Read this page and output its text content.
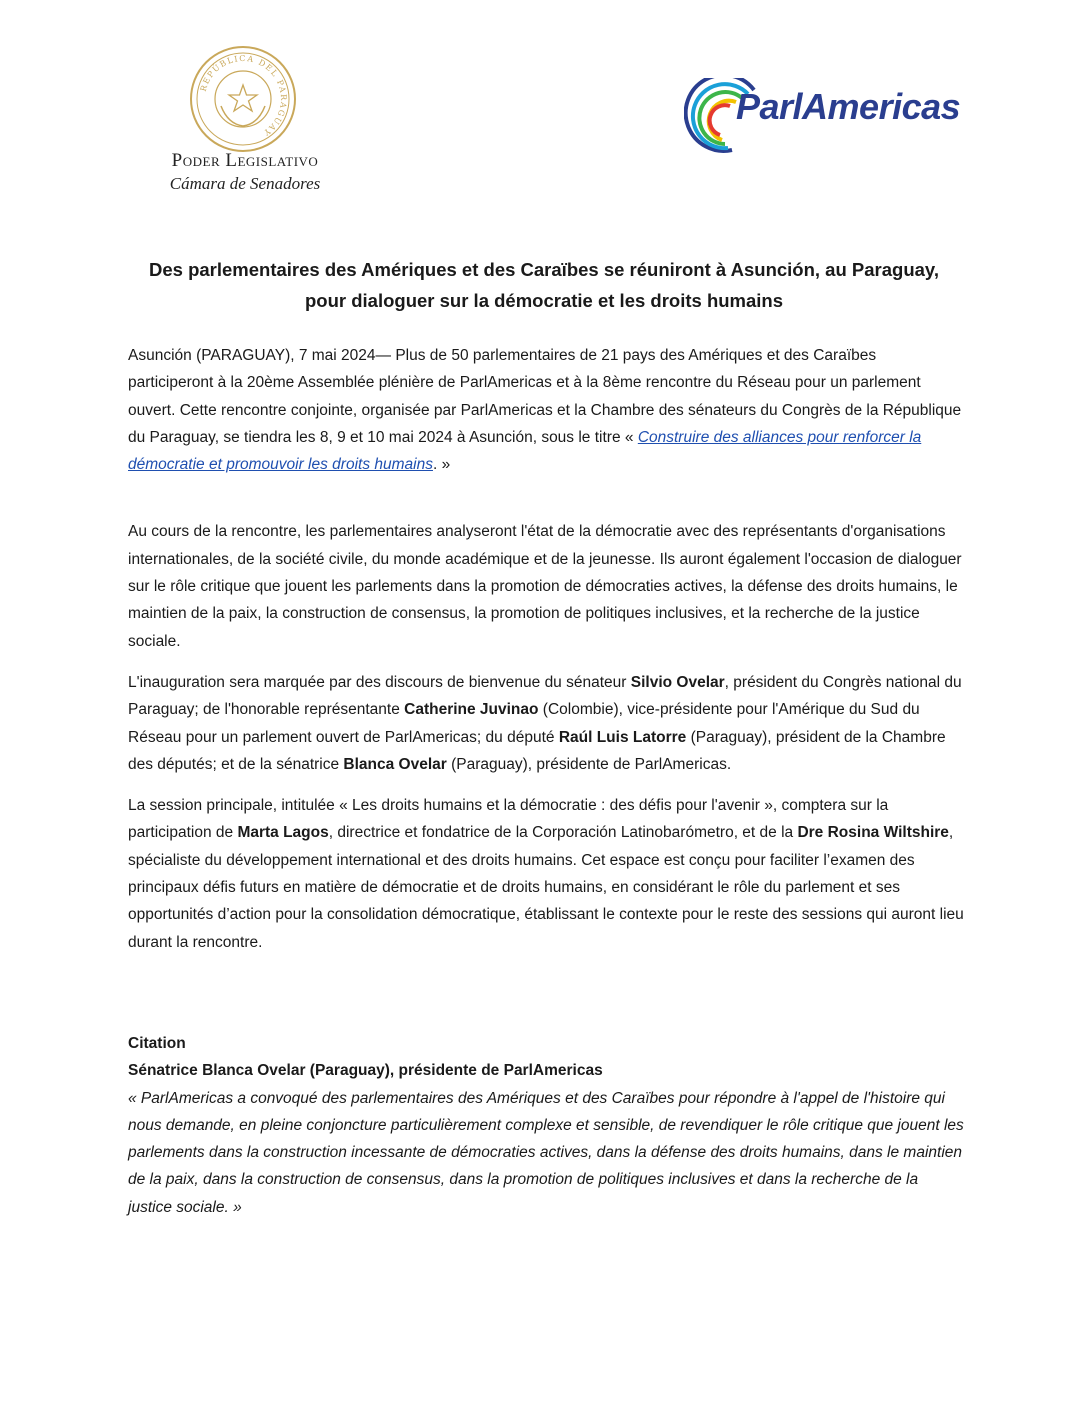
REPÚBLICA DEL PARAGUAY
Poder Legislativo
Cámara de Senadores
ParlAmericas
Des parlementaires des Amériques et des Caraïbes se réuniront à Asunción, au Paraguay, pour dialoguer sur la démocratie et les droits humains

Asunción (PARAGUAY), 7 mai 2024— Plus de 50 parlementaires de 21 pays des Amériques et des Caraïbes participeront à la 20ème Assemblée plénière de ParlAmericas et à la 8ème rencontre du Réseau pour un parlement ouvert. Cette rencontre conjointe, organisée par ParlAmericas et la Chambre des sénateurs du Congrès de la République du Paraguay, se tiendra les 8, 9 et 10 mai 2024 à Asunción, sous le titre « Construire des alliances pour renforcer la démocratie et promouvoir les droits humains. »

Au cours de la rencontre, les parlementaires analyseront l'état de la démocratie avec des représentants d'organisations internationales, de la société civile, du monde académique et de la jeunesse. Ils auront également l'occasion de dialoguer sur le rôle critique que jouent les parlements dans la promotion de démocraties actives, la défense des droits humains, le maintien de la paix, la construction de consensus, la promotion de politiques inclusives, et la recherche de la justice sociale.

L'inauguration sera marquée par des discours de bienvenue du sénateur Silvio Ovelar, président du Congrès national du Paraguay; de l'honorable représentante Catherine Juvinao (Colombie), vice-présidente pour l'Amérique du Sud du Réseau pour un parlement ouvert de ParlAmericas; du député Raúl Luis Latorre (Paraguay), président de la Chambre des députés; et de la sénatrice Blanca Ovelar (Paraguay), présidente de ParlAmericas.

La session principale, intitulée « Les droits humains et la démocratie : des défis pour l'avenir », comptera sur la participation de Marta Lagos, directrice et fondatrice de la Corporación Latinobarómetro, et de la Dre Rosina Wiltshire, spécialiste du développement international et des droits humains. Cet espace est conçu pour faciliter l’examen des principaux défis futurs en matière de démocratie et de droits humains, en considérant le rôle du parlement et ses opportunités d’action pour la consolidation démocratique, établissant le contexte pour le reste des sessions qui auront lieu durant la rencontre.

Citation
Sénatrice Blanca Ovelar (Paraguay), présidente de ParlAmericas
« ParlAmericas a convoqué des parlementaires des Amériques et des Caraïbes pour répondre à l'appel de l'histoire qui nous demande, en pleine conjoncture particulièrement complexe et sensible, de revendiquer le rôle critique que jouent les parlements dans la construction incessante de démocraties actives, dans la défense des droits humains, dans le maintien de la paix, dans la construction de consensus, dans la promotion de politiques inclusives et dans la recherche de la justice sociale. »
